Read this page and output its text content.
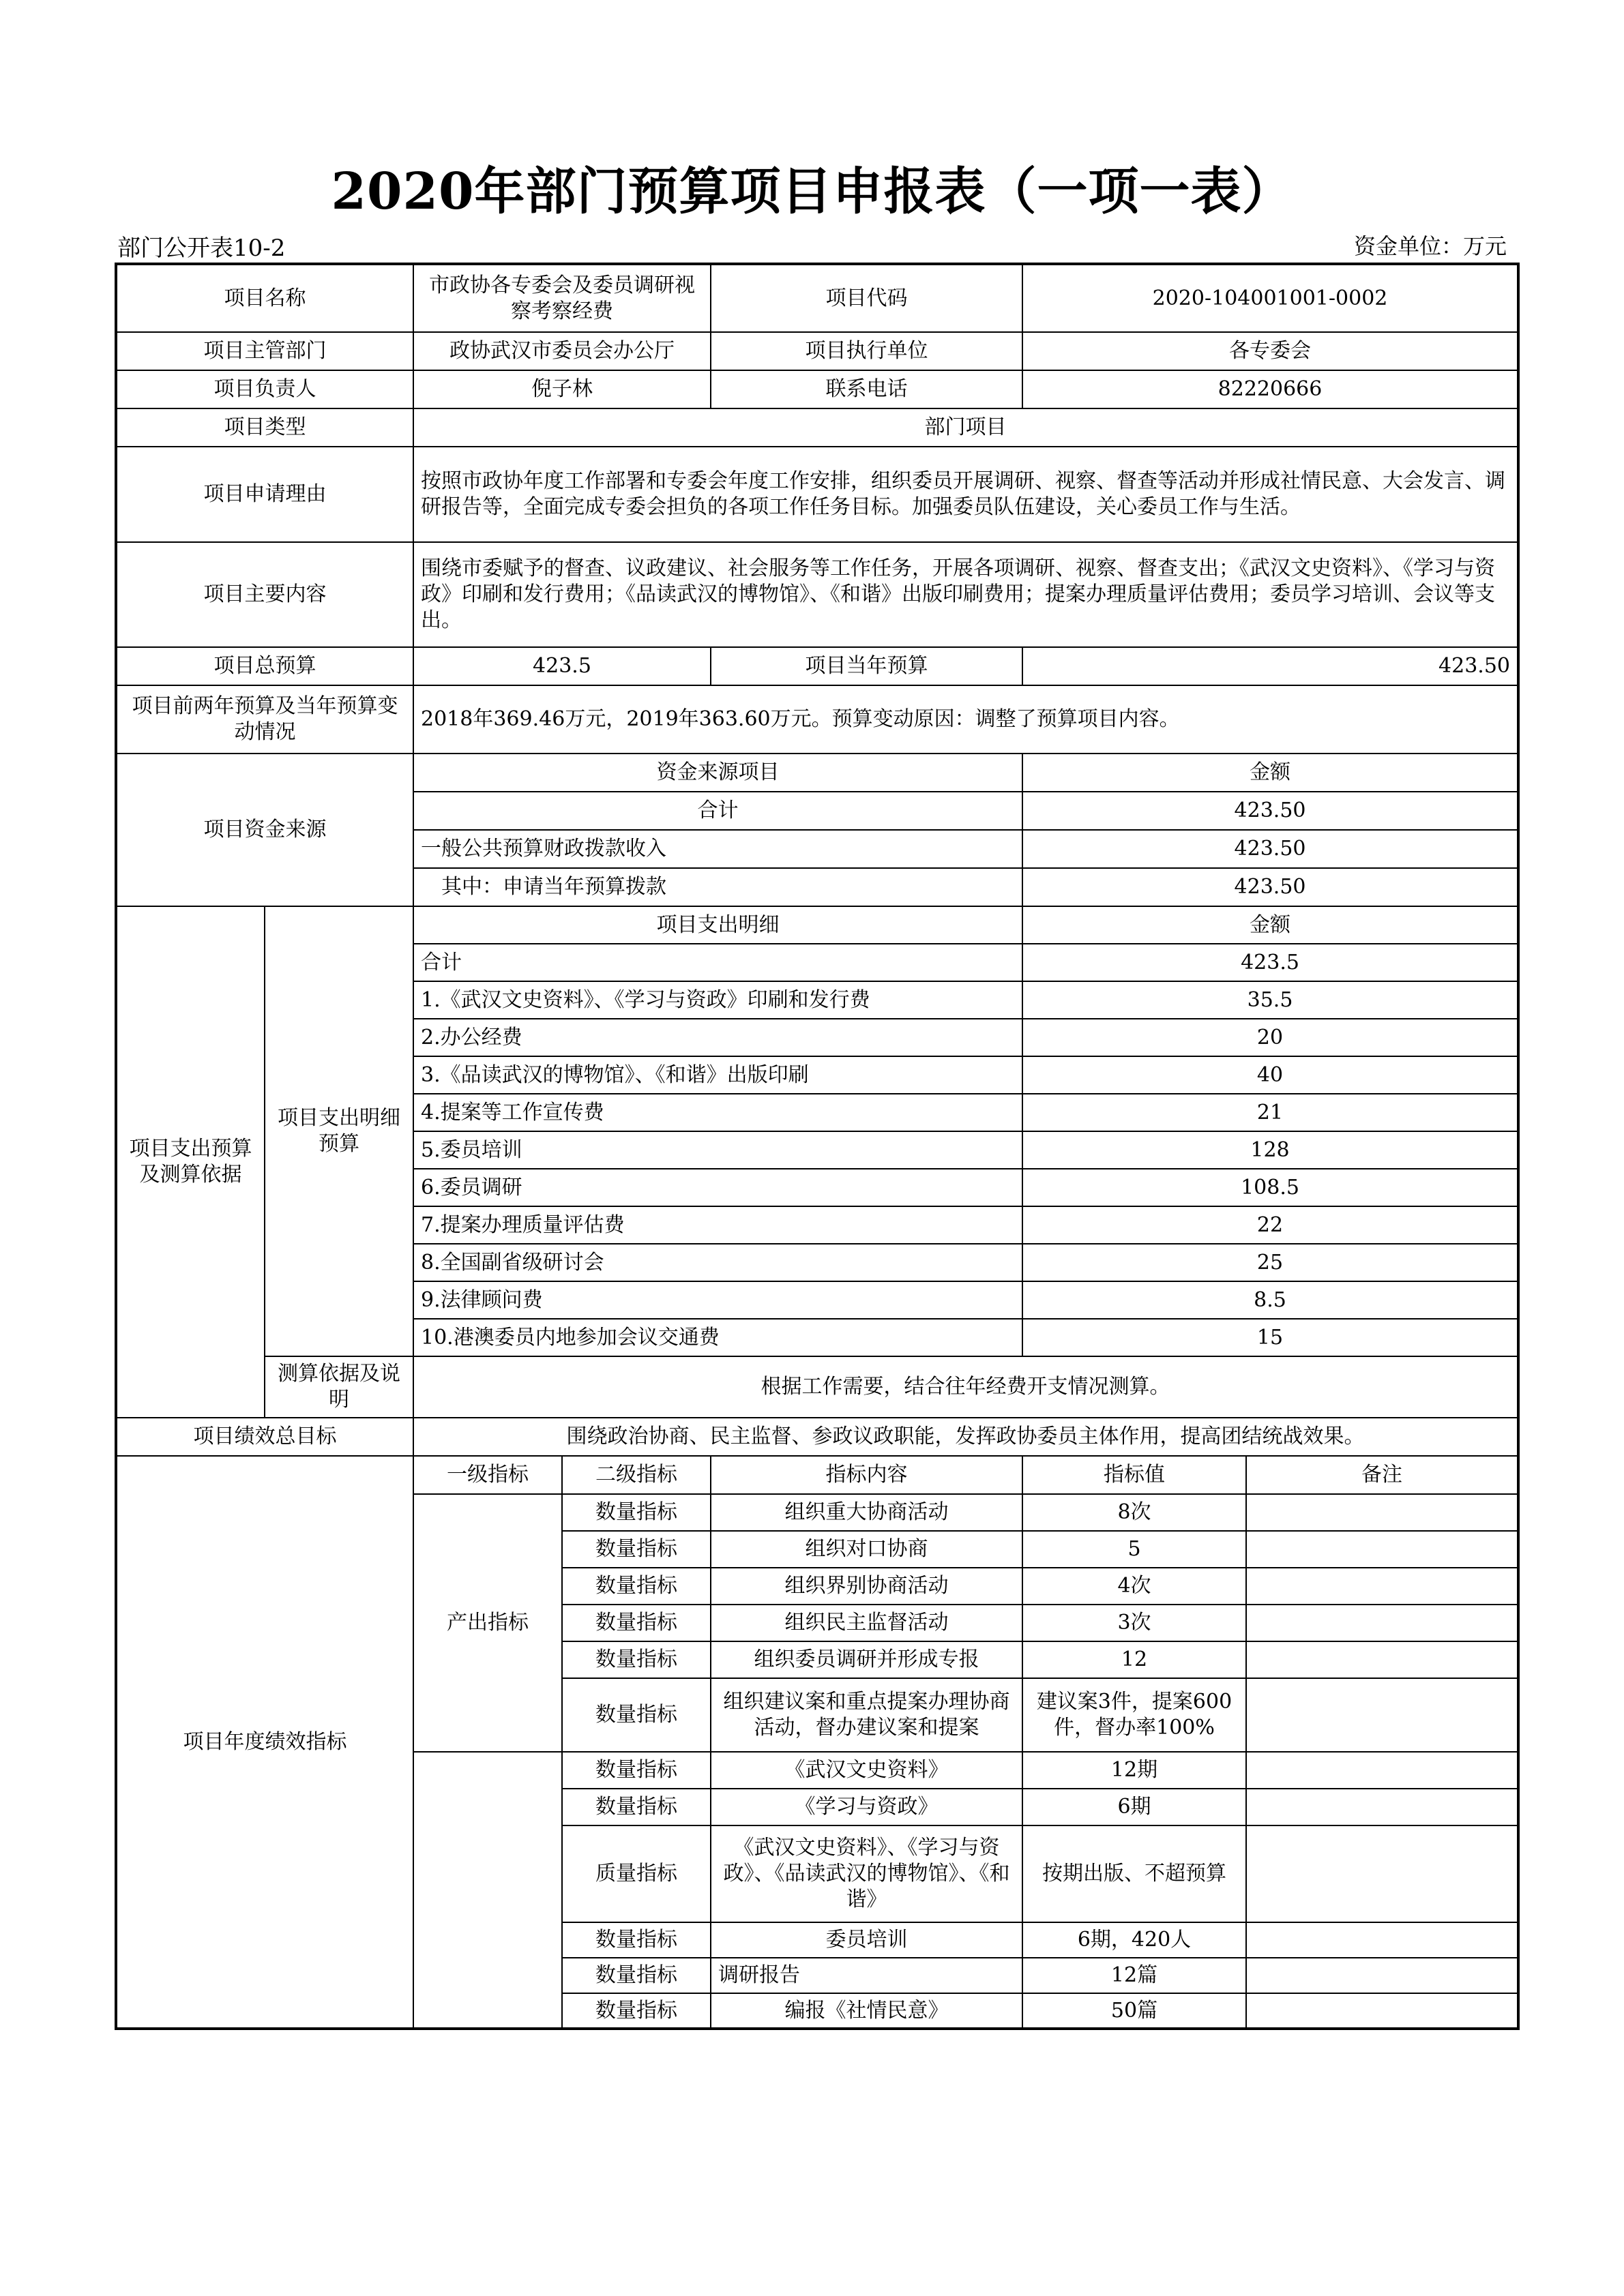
2020年部门预算项目申报表（一项一表）
部门公开表10-2	资金单位：万元
项目名称		市政协各专委会及委员调研视察考察经费		项目代码	2020-104001001-0002	
项目主管部门		政协武汉市委员会办公厅		项目执行单位	各专委会	
项目负责人		倪子林		联系电话	82220666	
项目类型		部门项目				
项目申请理由		按照市政协年度工作部署和专委会年度工作安排，组织委员开展调研、视察、督查等活动并形成社情民意、大会发言、调研报告等，全面完成专委会担负的各项工作任务目标。加强委员队伍建设，关心委员工作与生活。				
项目主要内容		围绕市委赋予的督查、议政建议、社会服务等工作任务，开展各项调研、视察、督查支出；《武汉文史资料》、《学习与资政》印刷和发行费用；《品读武汉的博物馆》、《和谐》出版印刷费用；提案办理质量评估费用；委员学习培训、会议等支出。				
项目总预算		423.5		项目当年预算	423.50	
项目前两年预算及当年预算变动情况		2018年369.46万元，2019年363.60万元。预算变动原因：调整了预算项目内容。				
项目资金来源		资金来源项目			金额	
		合计			423.50	
		一般公共预算财政拨款收入			423.50	
		其中：申请当年预算拨款			423.50	
项目支出预算及测算依据	项目支出明细预算	项目支出明细			金额	
		合计			423.5	
		1.《武汉文史资料》、《学习与资政》印刷和发行费			35.5	
		2.办公经费			20	
		3.《品读武汉的博物馆》、《和谐》出版印刷			40	
		4.提案等工作宣传费			21	
		5.委员培训			128	
		6.委员调研			108.5	
		7.提案办理质量评估费			22	
		8.全国副省级研讨会			25	
		9.法律顾问费			8.5	
		10.港澳委员内地参加会议交通费			15	
	测算依据及说明	根据工作需要，结合往年经费开支情况测算。				
项目绩效总目标		围绕政治协商、民主监督、参政议政职能，发挥政协委员主体作用，提高团结统战效果。				
项目年度绩效指标		一级指标	二级指标	指标内容	指标值	备注
		产出指标	数量指标	组织重大协商活动	8次	
			数量指标	组织对口协商	5	
			数量指标	组织界别协商活动	4次	
			数量指标	组织民主监督活动	3次	
			数量指标	组织委员调研并形成专报	12	
			数量指标	组织建议案和重点提案办理协商活动，督办建议案和提案	建议案3件，提案600件，督办率100%	
			数量指标	《武汉文史资料》	12期	
			数量指标	《学习与资政》	6期	
			质量指标	《武汉文史资料》、《学习与资政》、《品读武汉的博物馆》、《和谐》	按期出版、不超预算	
			数量指标	委员培训	6期，420人	
			数量指标	调研报告	12篇	
			数量指标	编报《社情民意》	50篇	
